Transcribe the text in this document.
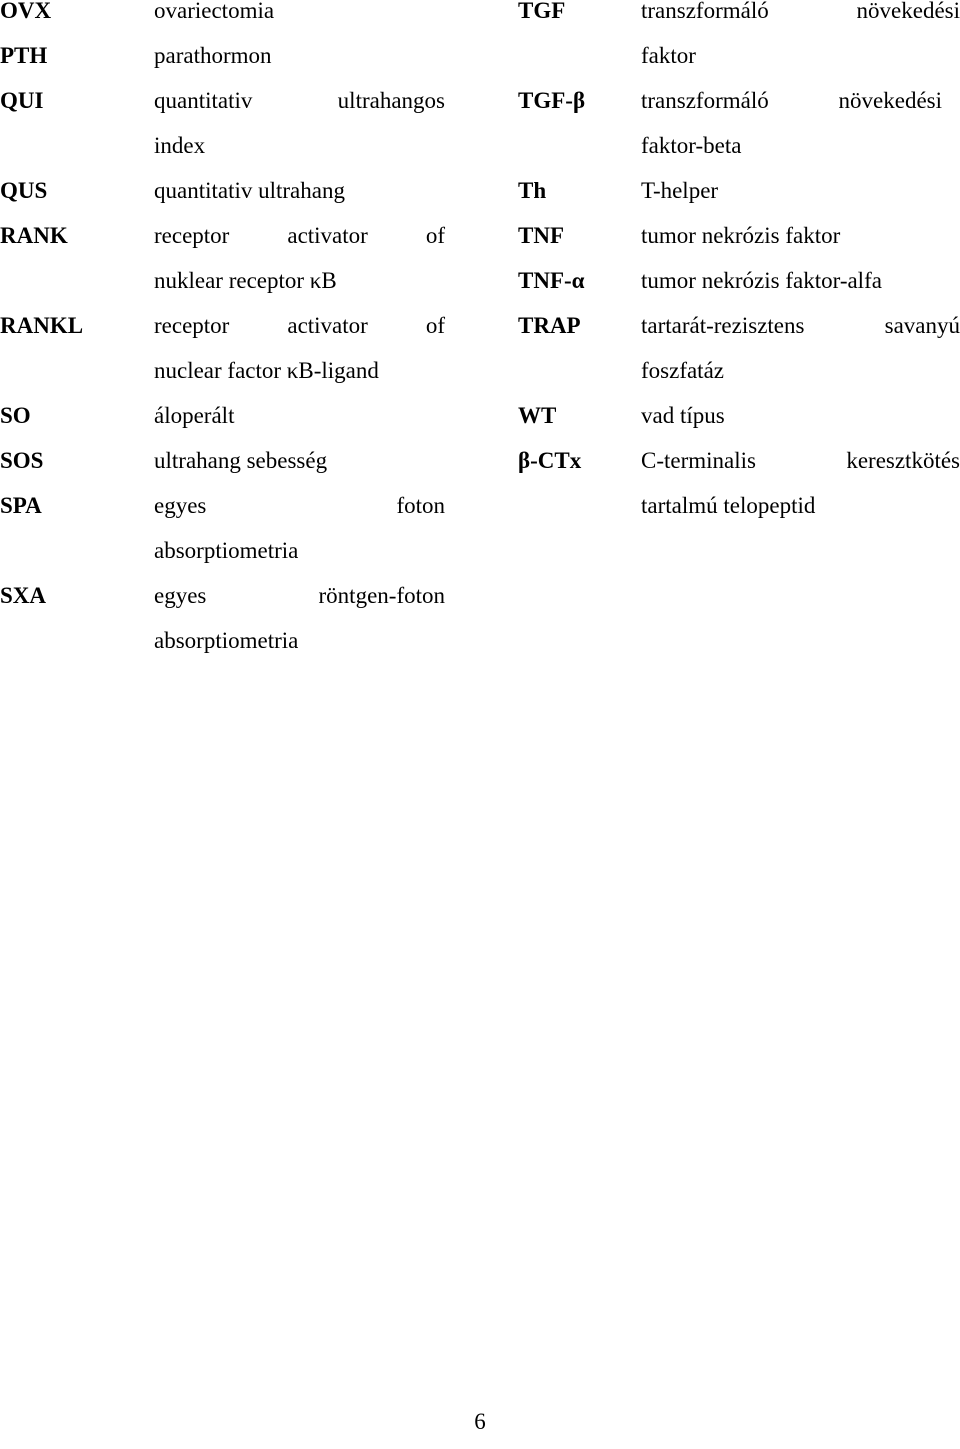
OVX	ovariectomia
PTH	parathormon
QUI	quantitativ ultrahangos
index
QUS	quantitativ ultrahang
RANK	receptor activator of
nuklear receptor κB
RANKL	receptor activator of
nuclear factor κB-ligand
SO	áloperált
SOS	ultrahang sebesség
SPA	egyes foton
absorptiometria
SXA	egyes röntgen-foton
absorptiometria
TGF	transzformáló növekedési
faktor
TGF-β	transzformáló növekedési
faktor-beta
Th	T-helper
TNF	tumor nekrózis faktor
TNF-α	tumor nekrózis faktor-alfa
TRAP	tartarát-rezisztens savanyú
foszfatáz
WT	vad típus
β-CTx	C-terminalis keresztkötés
tartalmú telopeptid
6
